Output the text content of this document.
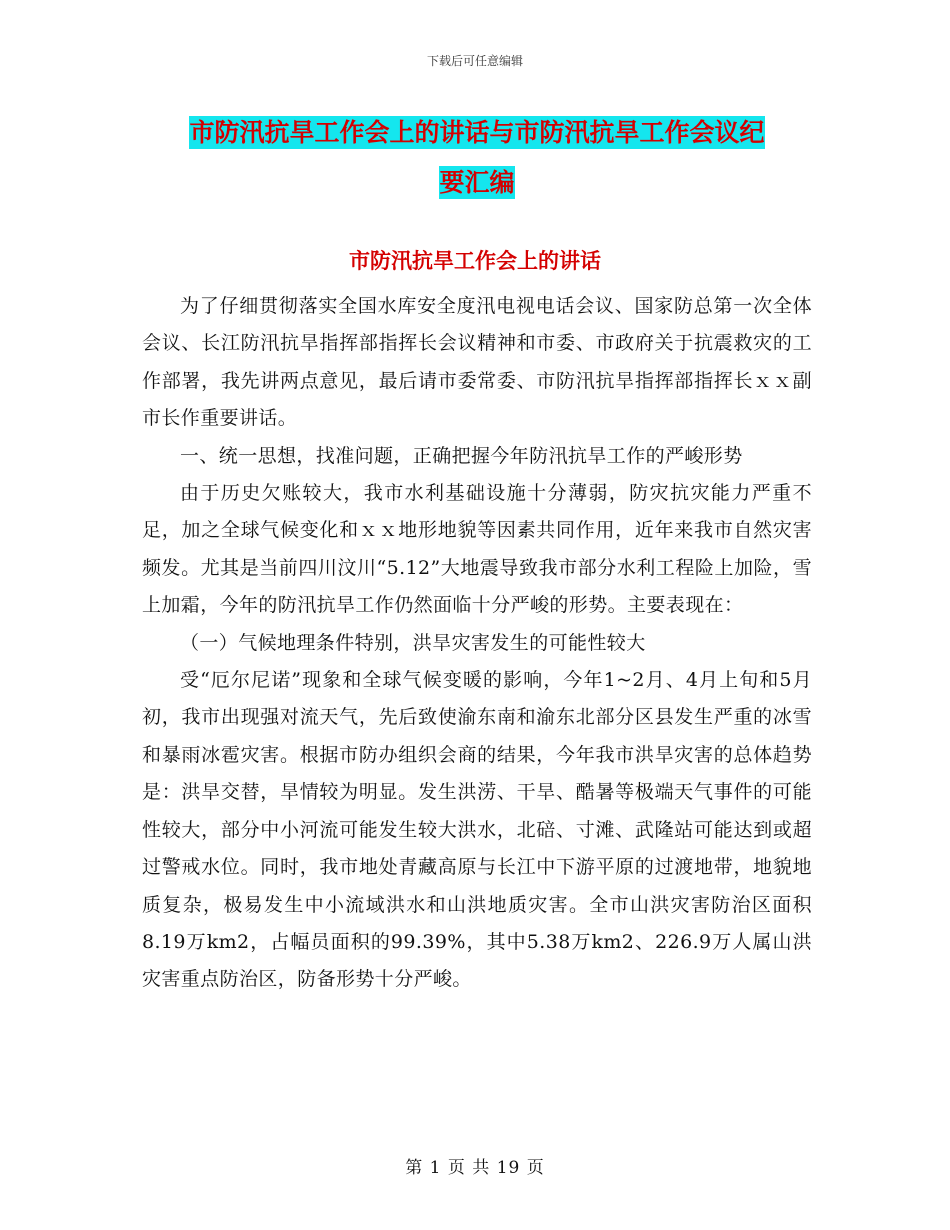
下载后可任意编辑
市防汛抗旱工作会上的讲话与市防汛抗旱工作会议纪
要汇编
市防汛抗旱工作会上的讲话

为了仔细贯彻落实全国水库安全度汛电视电话会议、国家防总第一次全体会议、长江防汛抗旱指挥部指挥长会议精神和市委、市政府关于抗震救灾的工作部署，我先讲两点意见，最后请市委常委、市防汛抗旱指挥部指挥长ｘｘ副市长作重要讲话。

一、统一思想，找准问题，正确把握今年防汛抗旱工作的严峻形势

由于历史欠账较大，我市水利基础设施十分薄弱，防灾抗灾能力严重不足，加之全球气候变化和ｘｘ地形地貌等因素共同作用，近年来我市自然灾害频发。尤其是当前四川汶川“5.12”大地震导致我市部分水利工程险上加险，雪上加霜，今年的防汛抗旱工作仍然面临十分严峻的形势。主要表现在：

（一）气候地理条件特别，洪旱灾害发生的可能性较大

受“厄尔尼诺”现象和全球气候变暖的影响，今年1~2月、4月上旬和5月初，我市出现强对流天气，先后致使渝东南和渝东北部分区县发生严重的冰雪和暴雨冰雹灾害。根据市防办组织会商的结果，今年我市洪旱灾害的总体趋势是：洪旱交替，旱情较为明显。发生洪涝、干旱、酷暑等极端天气事件的可能性较大，部分中小河流可能发生较大洪水，北碚、寸滩、武隆站可能达到或超过警戒水位。同时，我市地处青藏高原与长江中下游平原的过渡地带，地貌地质复杂，极易发生中小流域洪水和山洪地质灾害。全市山洪灾害防治区面积8.19万km2，占幅员面积的99.39%，其中5.38万km2、226.9万人属山洪灾害重点防治区，防备形势十分严峻。

第 1 页 共 19 页
